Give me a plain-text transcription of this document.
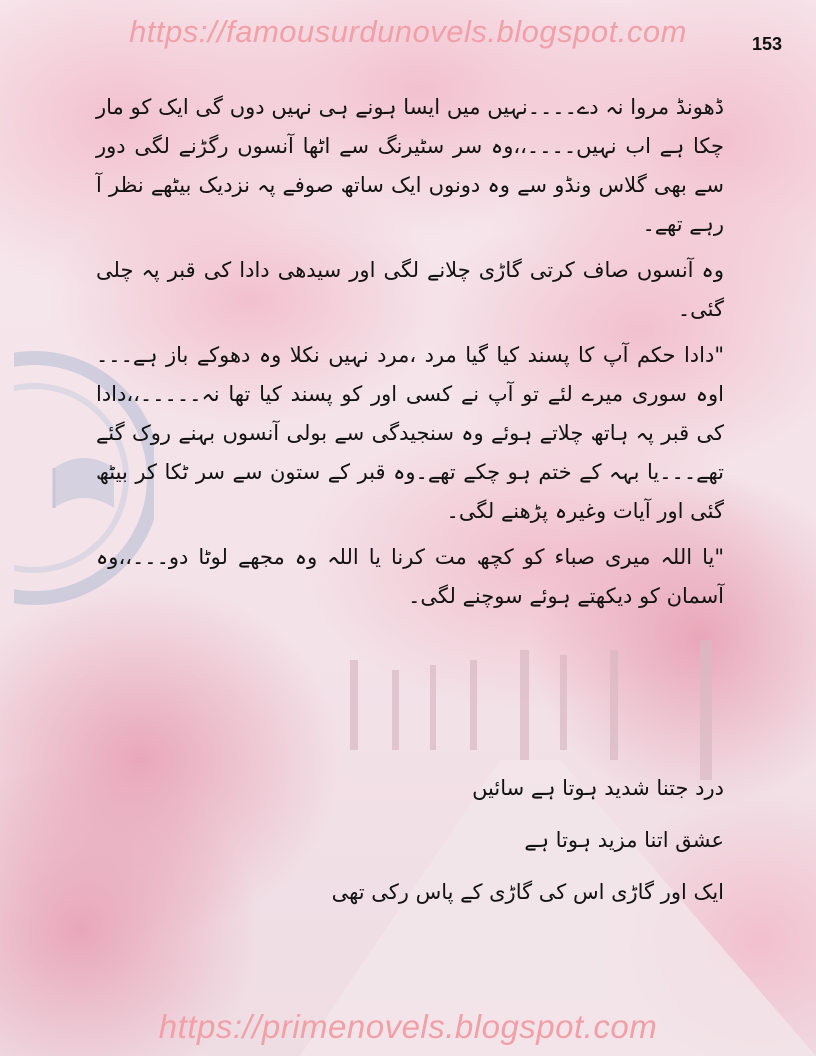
https://famousurdunovels.blogspot.com	153

ڈھونڈ مروا نہ دے۔۔۔۔نہیں میں ایسا ہونے ہی نہیں دوں گی ایک کو مار چکا ہے اب نہیں۔۔۔۔،،وہ سر سٹیرنگ سے اٹھا آنسوں رگڑنے لگی دور سے بھی گلاس ونڈو سے وہ دونوں ایک ساتھ صوفے پہ نزدیک بیٹھے نظر آ رہے تھے۔

وہ آنسوں صاف کرتی گاڑی چلانے لگی اور سیدھی دادا کی قبر پہ چلی گئی۔

"دادا حکم آپ کا پسند کیا گیا مرد ،مرد نہیں نکلا وہ دھوکے باز ہے۔۔۔اوہ سوری میرے لئے تو آپ نے کسی اور کو پسند کیا تھا نہ۔۔۔۔۔،،دادا کی قبر پہ ہاتھ چلاتے ہوئے وہ سنجیدگی سے بولی آنسوں بہنے روک گئے تھے۔۔۔یا بہہ کے ختم ہو چکے تھے۔وہ قبر کے ستون سے سر ٹکا کر بیٹھ گئی اور آیات وغیرہ پڑھنے لگی۔

"یا اللہ میری صباء کو کچھ مت کرنا یا اللہ وہ مجھے لوٹا دو۔۔۔،،وہ آسمان کو دیکھتے ہوئے سوچنے لگی۔

درد جتنا شدید ہوتا ہے سائیں
عشق اتنا مزید ہوتا ہے
ایک اور گاڑی اس کی گاڑی کے پاس رکی تھی
https://primenovels.blogspot.com
